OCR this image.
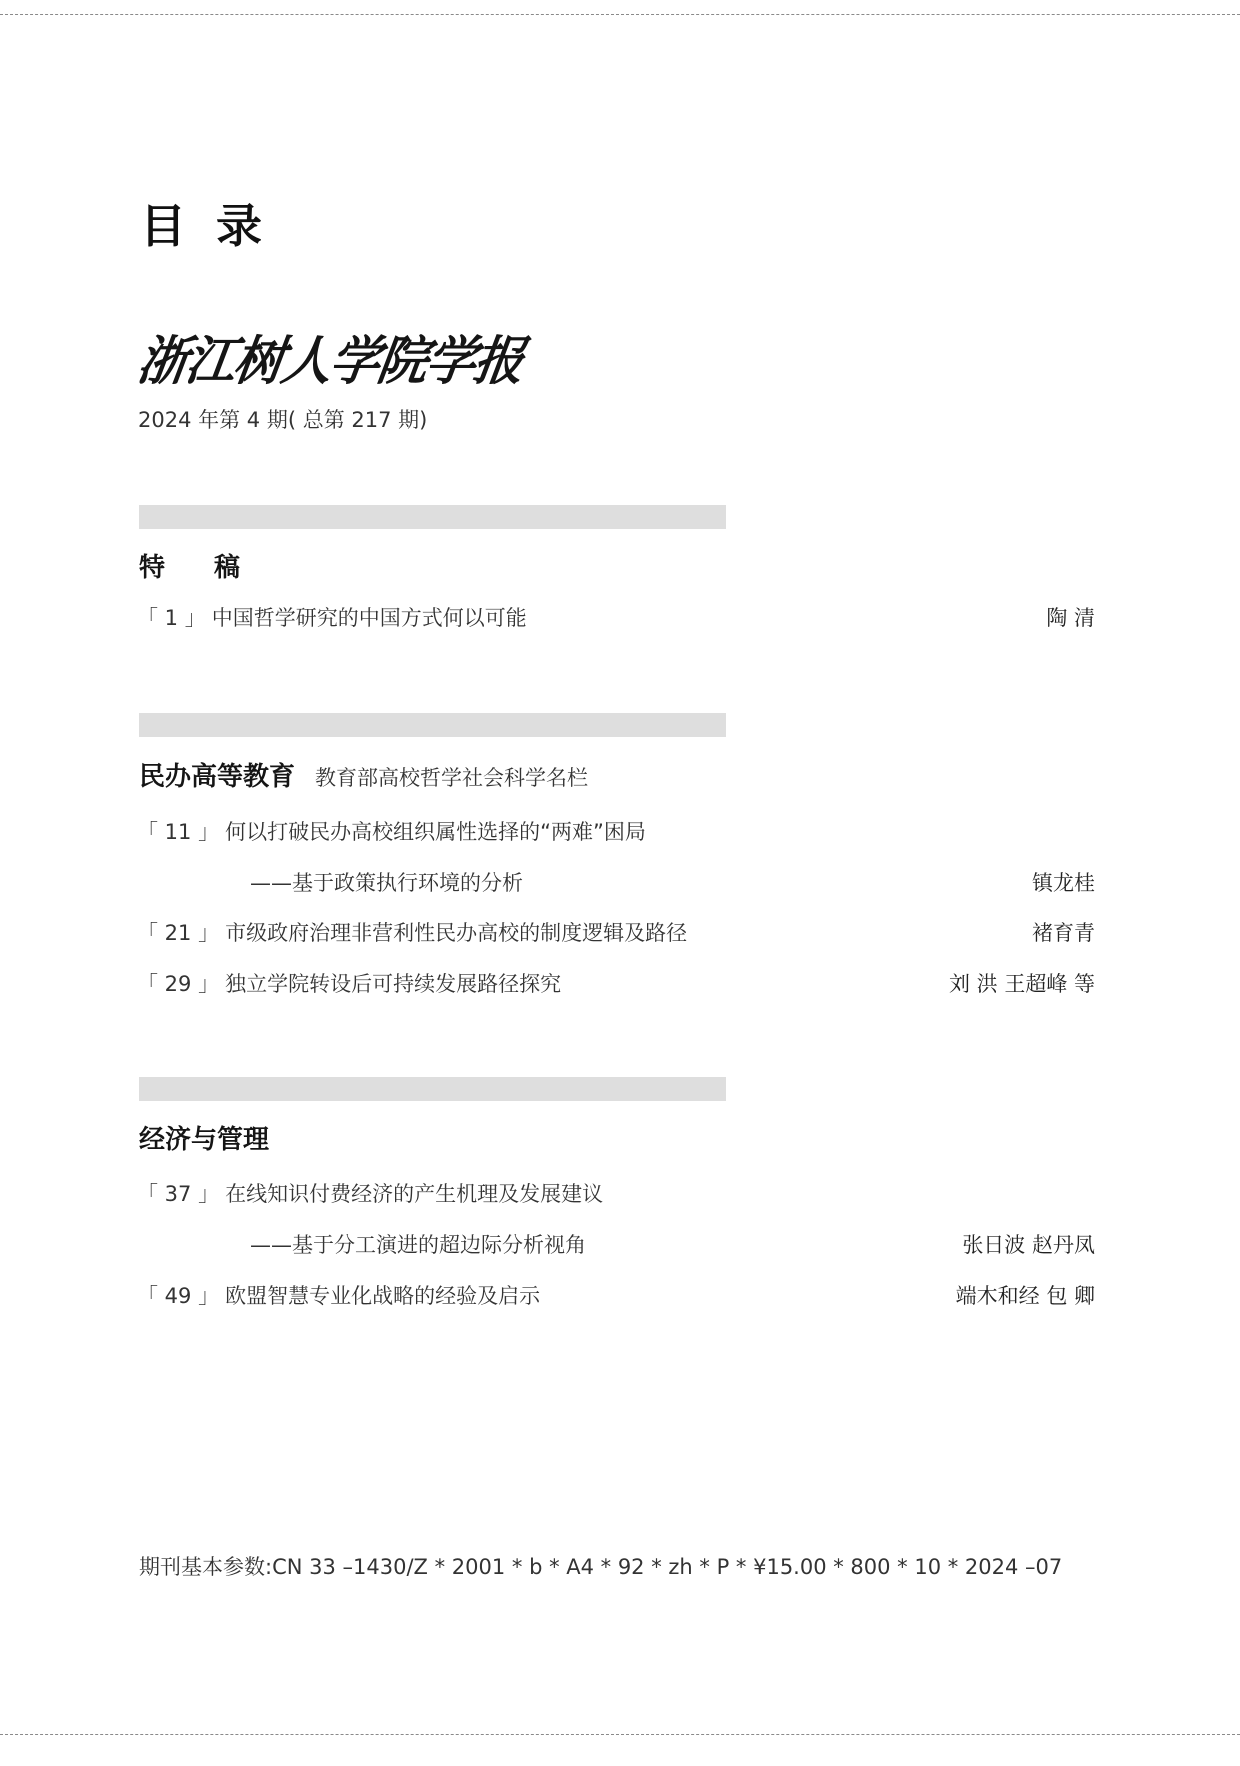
目录
浙江树人学院学报
2024 年第 4 期( 总第 217 期)
特 稿
「 1 」 中国哲学研究的中国方式何以可能	陶 清
民办高等教育 教育部高校哲学社会科学名栏
「 11 」 何以打破民办高校组织属性选择的“两难”困局
——基于政策执行环境的分析	镇龙桂
「 21 」 市级政府治理非营利性民办高校的制度逻辑及路径	褚育青
「 29 」 独立学院转设后可持续发展路径探究	刘 洪 王超峰 等
经济与管理
「 37 」 在线知识付费经济的产生机理及发展建议
——基于分工演进的超边际分析视角	张日波 赵丹凤
「 49 」 欧盟智慧专业化战略的经验及启示	端木和经 包 卿
期刊基本参数:CN 33 –1430/Z * 2001 * b * A4 * 92 * zh * P * ¥15.00 * 800 * 10 * 2024 –07
